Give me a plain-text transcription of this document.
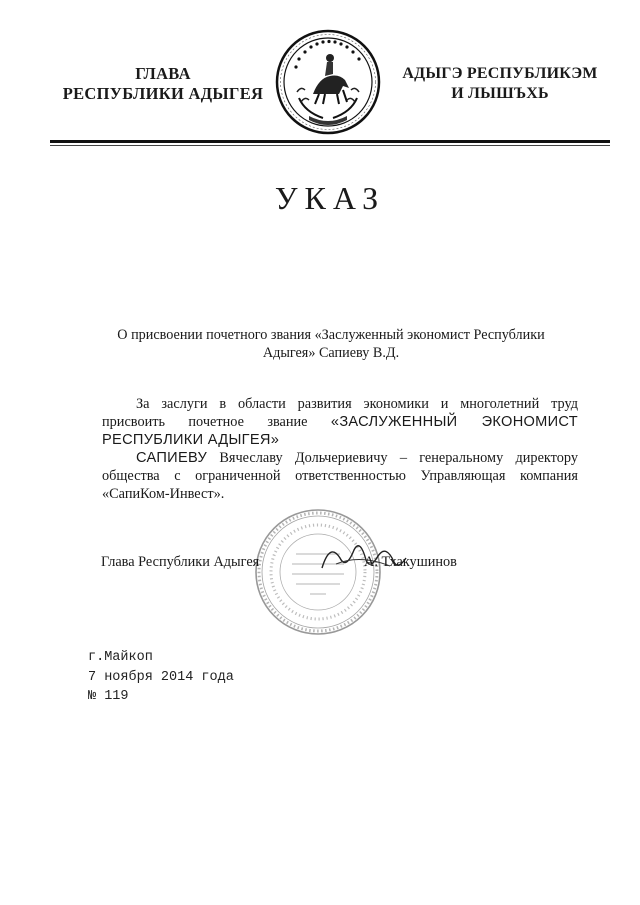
ГЛАВА
РЕСПУБЛИКИ АДЫГЕЯ
АДЫГЭ РЕСПУБЛИКЭМ
И ЛЫШЪХЬ
УКАЗ
О присвоении почетного звания «Заслуженный экономист Республики
Адыгея» Сапиеву В.Д.

За заслуги в области развития экономики и многолетний труд присвоить почетное звание «ЗАСЛУЖЕННЫЙ ЭКОНОМИСТ РЕСПУБЛИКИ АДЫГЕЯ»

САПИЕВУ Вячеславу Дольчериевичу – генеральному директору общества с ограниченной ответственностью Управляющая компания «СапиКом-Инвест».

Глава Республики Адыгея	А. Тхакушинов
г.Майкоп
7 ноября 2014 года
№ 119
